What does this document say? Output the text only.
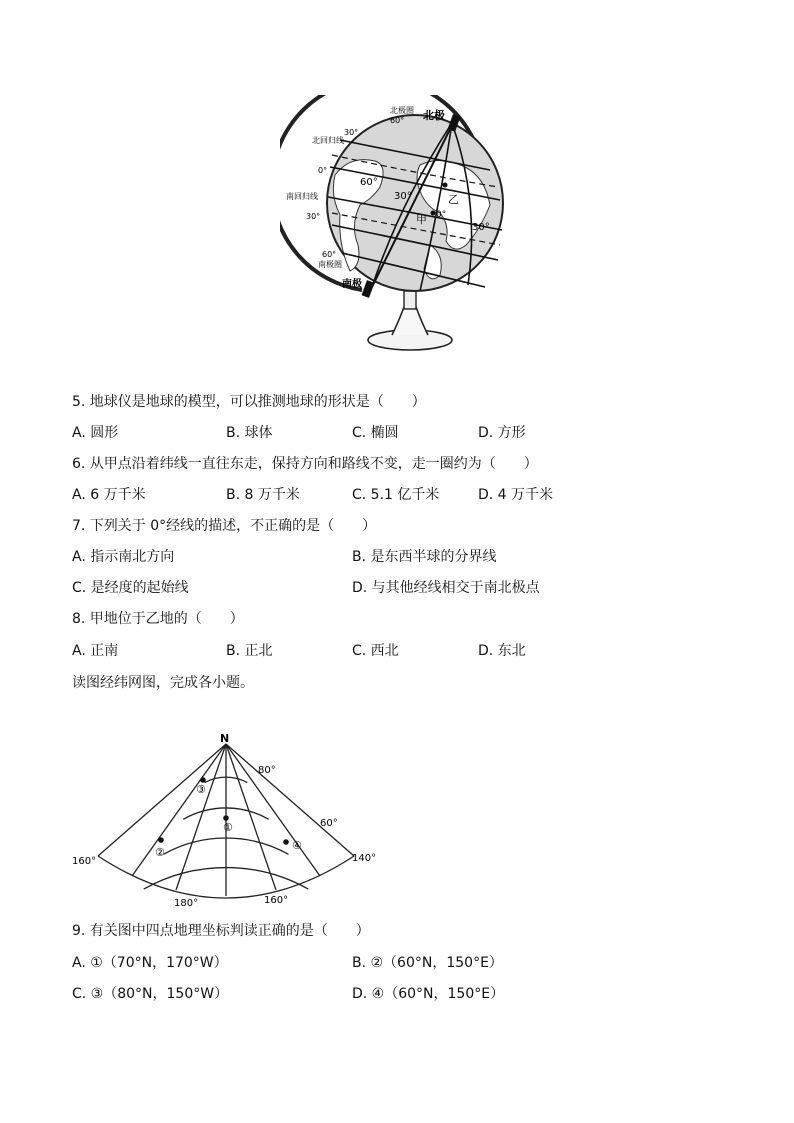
北极圈
60° 北极
30°
北回归线
0°
南回归线
30°
60°
南极圈
南极
60°
30°	乙
0°
甲
30°
5. 地球仪是地球的模型，可以推测地球的形状是（　　）
A. 圆形	B. 球体	C. 椭圆	D. 方形
6. 从甲点沿着纬线一直往东走，保持方向和路线不变，走一圈约为（　　）
A. 6 万千米	B. 8 万千米	C. 5.1 亿千米	D. 4 万千米
7. 下列关于 0°经线的描述，不正确的是（　　）
A. 指示南北方向	B. 是东西半球的分界线
C. 是经度的起始线	D. 与其他经线相交于南北极点
8. 甲地位于乙地的（　　）
A. 正南	B. 正北	C. 西北	D. 东北
读图经纬网图，完成各小题。
N
80°
60°
160°	140°
180°	160°
③
①
②
④
9. 有关图中四点地理坐标判读正确的是（　　）
A. ①（70°N，170°W）	B. ②（60°N，150°E）
C. ③（80°N，150°W）	D. ④（60°N，150°E）
